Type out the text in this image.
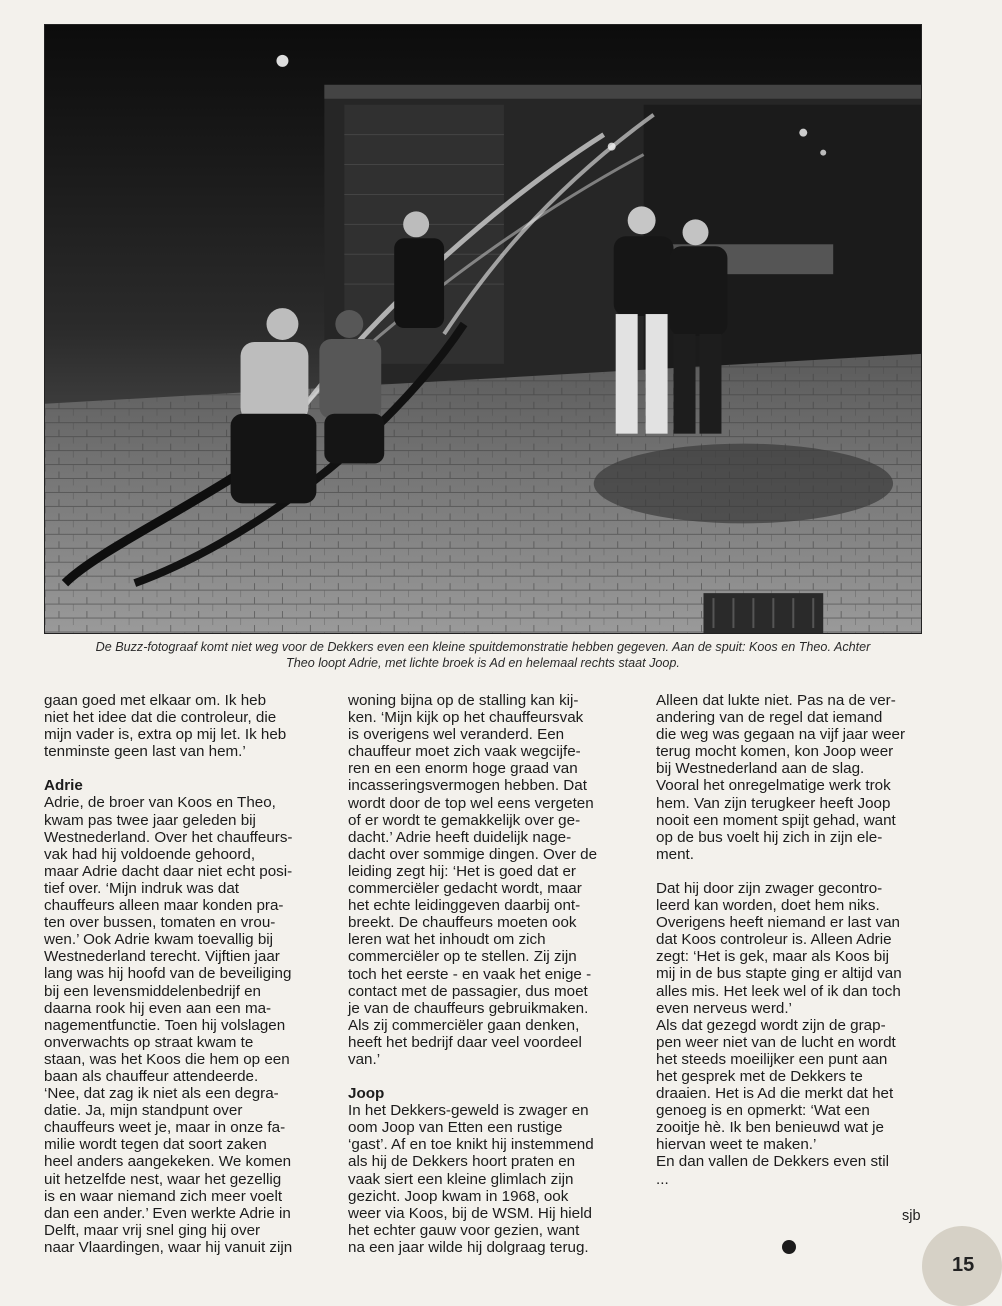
De Buzz-fotograaf komt niet weg voor de Dekkers even een kleine spuitdemonstratie hebben gegeven. Aan de spuit: Koos en Theo. Achter
Theo loopt Adrie, met lichte broek is Ad en helemaal rechts staat Joop.

gaan goed met elkaar om. Ik heb
niet het idee dat die controleur, die
mijn vader is, extra op mij let. Ik heb
tenminste geen last van hem.’

Adrie

Adrie, de broer van Koos en Theo,
kwam pas twee jaar geleden bij
Westnederland. Over het chauffeurs-
vak had hij voldoende gehoord,
maar Adrie dacht daar niet echt posi-
tief over. ‘Mijn indruk was dat
chauffeurs alleen maar konden pra-
ten over bussen, tomaten en vrou-
wen.’ Ook Adrie kwam toevallig bij
Westnederland terecht. Vijftien jaar
lang was hij hoofd van de beveiliging
bij een levensmiddelenbedrijf en
daarna rook hij even aan een ma-
nagementfunctie. Toen hij volslagen
onverwachts op straat kwam te
staan, was het Koos die hem op een
baan als chauffeur attendeerde.
‘Nee, dat zag ik niet als een degra-
datie. Ja, mijn standpunt over
chauffeurs weet je, maar in onze fa-
milie wordt tegen dat soort zaken
heel anders aangekeken. We komen
uit hetzelfde nest, waar het gezellig
is en waar niemand zich meer voelt
dan een ander.’ Even werkte Adrie in
Delft, maar vrij snel ging hij over
naar Vlaardingen, waar hij vanuit zijn

woning bijna op de stalling kan kij-
ken. ‘Mijn kijk op het chauffeursvak
is overigens wel veranderd. Een
chauffeur moet zich vaak wegcijfe-
ren en een enorm hoge graad van
incasseringsvermogen hebben. Dat
wordt door de top wel eens vergeten
of er wordt te gemakkelijk over ge-
dacht.’ Adrie heeft duidelijk nage-
dacht over sommige dingen. Over de
leiding zegt hij: ‘Het is goed dat er
commerciëler gedacht wordt, maar
het echte leidinggeven daarbij ont-
breekt. De chauffeurs moeten ook
leren wat het inhoudt om zich
commerciëler op te stellen. Zij zijn
toch het eerste - en vaak het enige -
contact met de passagier, dus moet
je van de chauffeurs gebruikmaken.
Als zij commerciëler gaan denken,
heeft het bedrijf daar veel voordeel
van.’

Joop

In het Dekkers-geweld is zwager en
oom Joop van Etten een rustige
‘gast’. Af en toe knikt hij instemmend
als hij de Dekkers hoort praten en
vaak siert een kleine glimlach zijn
gezicht. Joop kwam in 1968, ook
weer via Koos, bij de WSM. Hij hield
het echter gauw voor gezien, want
na een jaar wilde hij dolgraag terug.

Alleen dat lukte niet. Pas na de ver-
andering van de regel dat iemand
die weg was gegaan na vijf jaar weer
terug mocht komen, kon Joop weer
bij Westnederland aan de slag.
Vooral het onregelmatige werk trok
hem. Van zijn terugkeer heeft Joop
nooit een moment spijt gehad, want
op de bus voelt hij zich in zijn ele-
ment.

Dat hij door zijn zwager gecontro-
leerd kan worden, doet hem niks.
Overigens heeft niemand er last van
dat Koos controleur is. Alleen Adrie
zegt: ‘Het is gek, maar als Koos bij
mij in de bus stapte ging er altijd van
alles mis. Het leek wel of ik dan toch
even nerveus werd.’

Als dat gezegd wordt zijn de grap-
pen weer niet van de lucht en wordt
het steeds moeilijker een punt aan
het gesprek met de Dekkers te
draaien. Het is Ad die merkt dat het
genoeg is en opmerkt: ‘Wat een
zooitje hè. Ik ben benieuwd wat je
hiervan weet te maken.’

En dan vallen de Dekkers even stil
...

sjb
15
